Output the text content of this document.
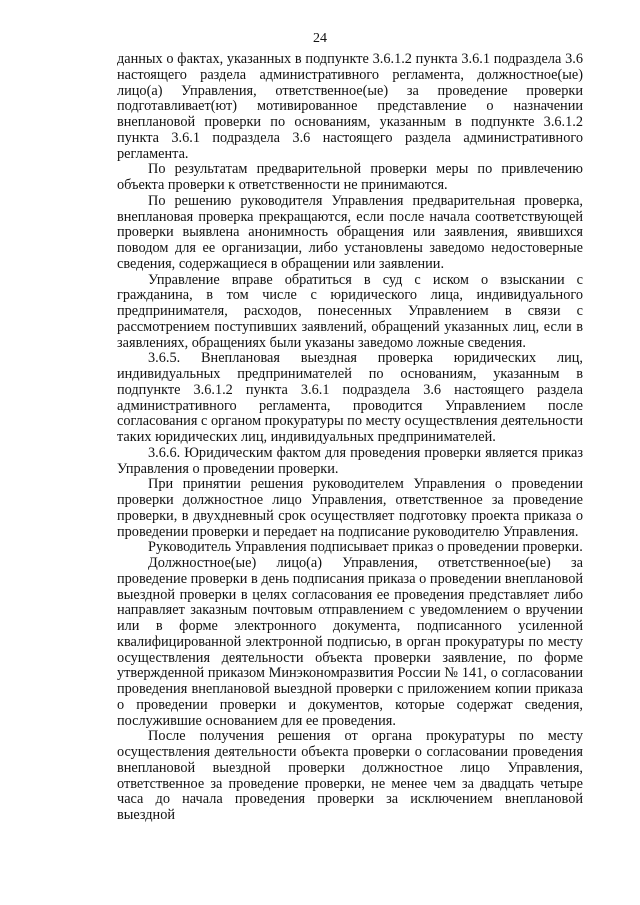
24

данных о фактах, указанных в подпункте 3.6.1.2 пункта 3.6.1 подраздела 3.6 настоящего раздела административного регламента, должностное(ые) лицо(а) Управления, ответственное(ые) за проведение проверки подготавливает(ют) мотивированное представление о назначении внеплановой проверки по основаниям, указанным в подпункте 3.6.1.2 пункта 3.6.1 подраздела 3.6 настоящего раздела административного регламента.

По результатам предварительной проверки меры по привлечению объекта проверки к ответственности не принимаются.

По решению руководителя Управления предварительная проверка, внеплановая проверка прекращаются, если после начала соответствующей проверки выявлена анонимность обращения или заявления, явившихся поводом для ее организации, либо установлены заведомо недостоверные сведения, содержащиеся в обращении или заявлении.

Управление вправе обратиться в суд с иском о взыскании с гражданина, в том числе с юридического лица, индивидуального предпринимателя, расходов, понесенных Управлением в связи с рассмотрением поступивших заявлений, обращений указанных лиц, если в заявлениях, обращениях были указаны заведомо ложные сведения.

3.6.5. Внеплановая выездная проверка юридических лиц, индивидуальных предпринимателей по основаниям, указанным в подпункте 3.6.1.2 пункта 3.6.1 подраздела 3.6 настоящего раздела административного регламента, проводится Управлением после согласования с органом прокуратуры по месту осуществления деятельности таких юридических лиц, индивидуальных предпринимателей.

3.6.6. Юридическим фактом для проведения проверки является приказ Управления о проведении проверки.

При принятии решения руководителем Управления о проведении проверки должностное лицо Управления, ответственное за проведение проверки, в двухдневный срок осуществляет подготовку проекта приказа о проведении проверки и передает на подписание руководителю Управления.

Руководитель Управления подписывает приказ о проведении проверки.

Должностное(ые) лицо(а) Управления, ответственное(ые) за проведение проверки в день подписания приказа о проведении внеплановой выездной проверки в целях согласования ее проведения представляет либо направляет заказным почтовым отправлением с уведомлением о вручении или в форме электронного документа, подписанного усиленной квалифицированной электронной подписью, в орган прокуратуры по месту осуществления деятельности объекта проверки заявление, по форме утвержденной приказом Минэкономразвития России № 141, о согласовании проведения внеплановой выездной проверки с приложением копии приказа о проведении проверки и документов, которые содержат сведения, послужившие основанием для ее проведения.

После получения решения от органа прокуратуры по месту осуществления деятельности объекта проверки о согласовании проведения внеплановой выездной проверки должностное лицо Управления, ответственное за проведение проверки, не менее чем за двадцать четыре часа до начала проведения проверки за исключением внеплановой выездной
